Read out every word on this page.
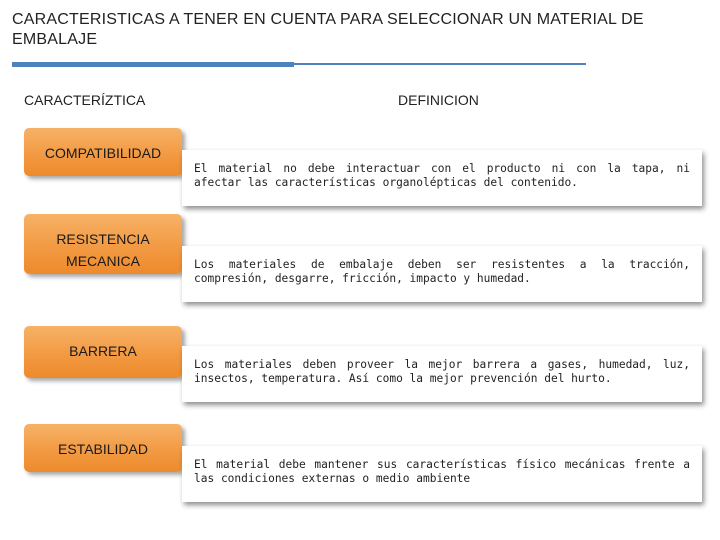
CARACTERISTICAS A TENER EN CUENTA PARA SELECCIONAR UN MATERIAL DE EMBALAJE
CARACTERÍZTICA	DEFINICION
COMPATIBILIDAD
El material no debe interactuar con el producto ni con la tapa, ni afectar las características organolépticas del contenido.
RESISTENCIA MECANICA	Los materiales de embalaje deben ser resistentes a la tracción, compresión, desgarre, fricción, impacto y humedad.
BARRERA
Los materiales deben proveer la mejor barrera a gases, humedad, luz, insectos, temperatura. Así como la mejor prevención del hurto.
ESTABILIDAD
El material debe mantener sus características físico mecánicas frente a las condiciones externas o medio ambiente
